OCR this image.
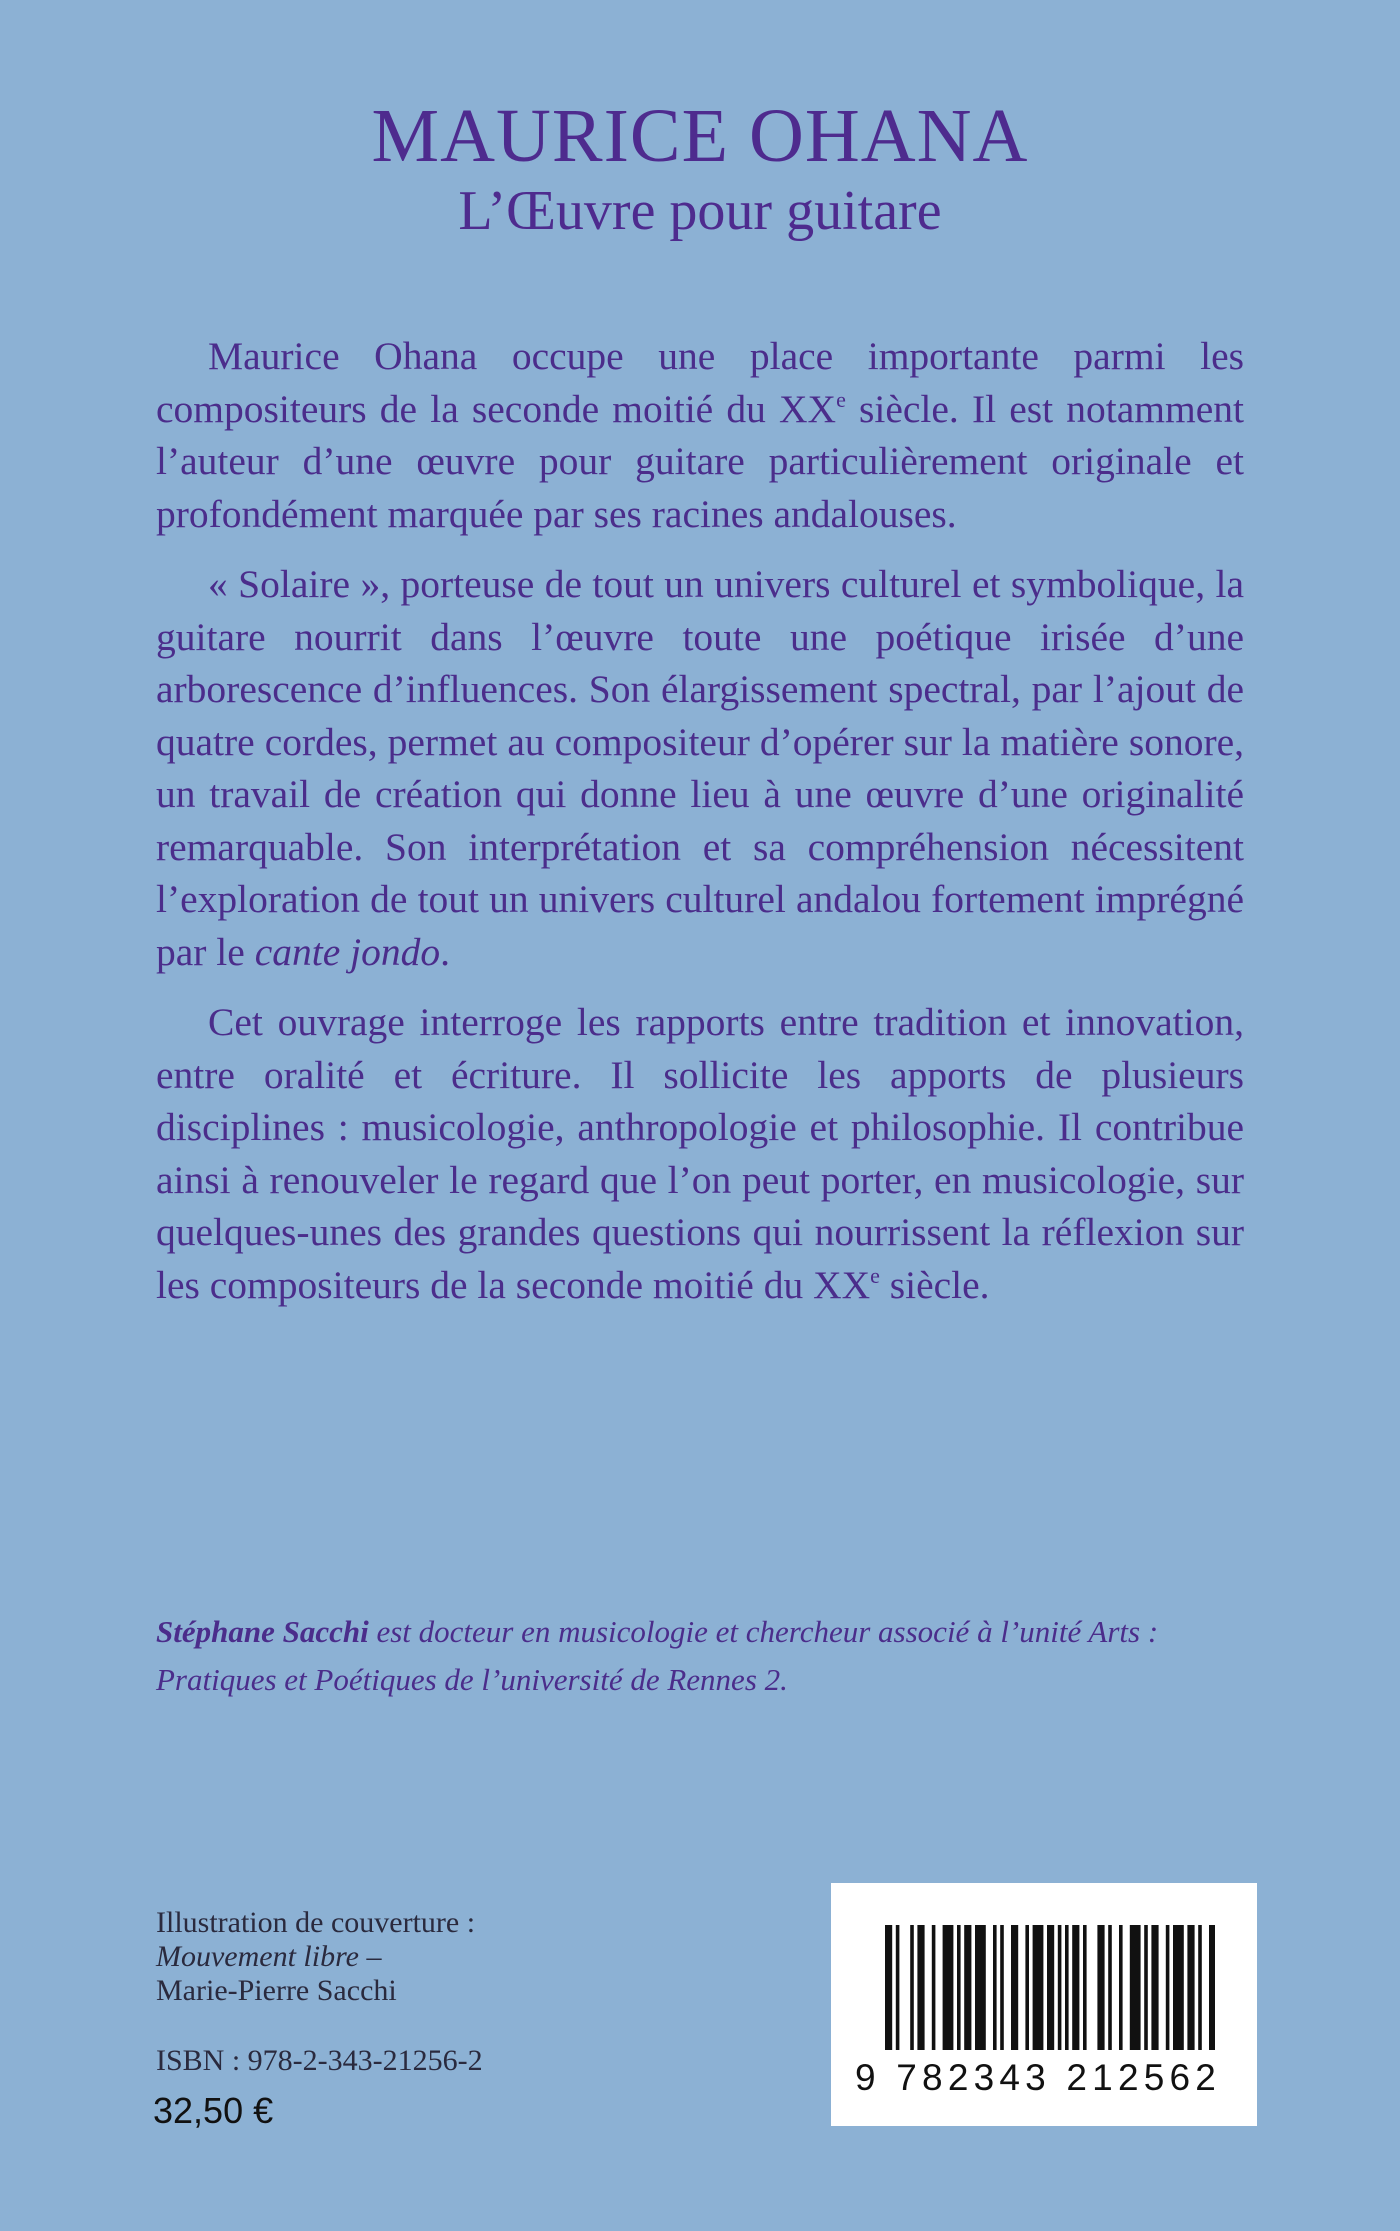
MAURICE OHANA
L’Œuvre pour guitare

Maurice Ohana occupe une place importante parmi les compositeurs de la seconde moitié du XXe siècle. Il est notamment l’auteur d’une œuvre pour guitare particulièrement originale et profondément marquée par ses racines andalouses.

« Solaire », porteuse de tout un univers culturel et symbolique, la guitare nourrit dans l’œuvre toute une poétique irisée d’une arborescence d’influences. Son élargissement spectral, par l’ajout de quatre cordes, permet au compositeur d’opérer sur la matière sonore, un travail de création qui donne lieu à une œuvre d’une originalité remarquable. Son interprétation et sa compréhension nécessitent l’exploration de tout un univers culturel andalou fortement imprégné par le cante jondo.

Cet ouvrage interroge les rapports entre tradition et innovation, entre oralité et écriture. Il sollicite les apports de plusieurs disciplines : musicologie, anthropologie et philosophie. Il contribue ainsi à renouveler le regard que l’on peut porter, en musicologie, sur quelques-unes des grandes questions qui nourrissent la réflexion sur les compositeurs de la seconde moitié du XXe siècle.

Stéphane Sacchi est docteur en musicologie et chercheur associé à l’unité Arts : Pratiques et Poétiques de l’université de Rennes 2.
Illustration de couverture :
Mouvement libre –
Marie-Pierre Sacchi
ISBN : 978-2-343-21256-2
32,50 €
9 782343 212562
